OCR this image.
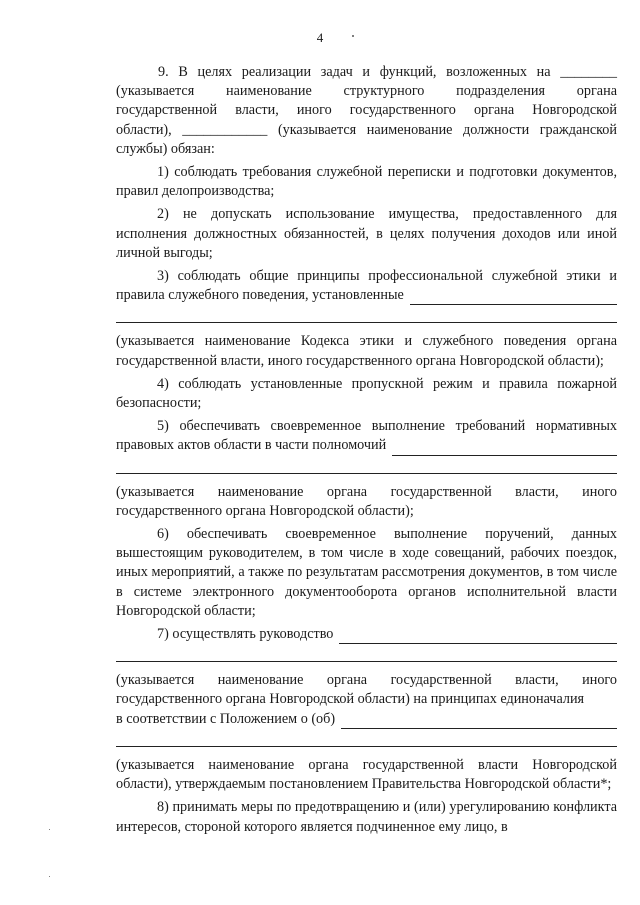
4

9. В целях реализации задач и функций, возложенных на ________

(указывается наименование структурного подразделения органа

государственной власти, иного государственного органа Новгородской

области), ____________ (указывается наименование должности гражданской

службы) обязан:

1) соблюдать требования служебной переписки и подготовки документов, правил делопроизводства;

2) не допускать использование имущества, предоставленного для исполнения должностных обязанностей, в целях получения доходов или иной личной выгоды;

3) соблюдать общие принципы профессиональной служебной этики и

правила служебного поведения, установленные

(указывается наименование Кодекса этики и служебного поведения органа государственной власти, иного государственного органа Новгородской области);

4) соблюдать установленные пропускной режим и правила пожарной безопасности;

5) обеспечивать своевременное выполнение требований нормативных

правовых актов области в части полномочий

(указывается наименование органа государственной власти, иного государственного органа Новгородской области);

6) обеспечивать своевременное выполнение поручений, данных вышестоящим руководителем, в том числе в ходе совещаний, рабочих поездок, иных мероприятий, а также по результатам рассмотрения документов, в том числе в системе электронного документооборота органов исполнительной власти Новгородской области;

7) осуществлять руководство

(указывается наименование органа государственной власти, иного государственного органа Новгородской области) на принципах единоначалия

в соответствии с Положением о (об)

(указывается наименование органа государственной власти Новгородской области), утверждаемым постановлением Правительства Новгородской области*;

8) принимать меры по предотвращению и (или) урегулированию конфликта интересов, стороной которого является подчиненное ему лицо, в
